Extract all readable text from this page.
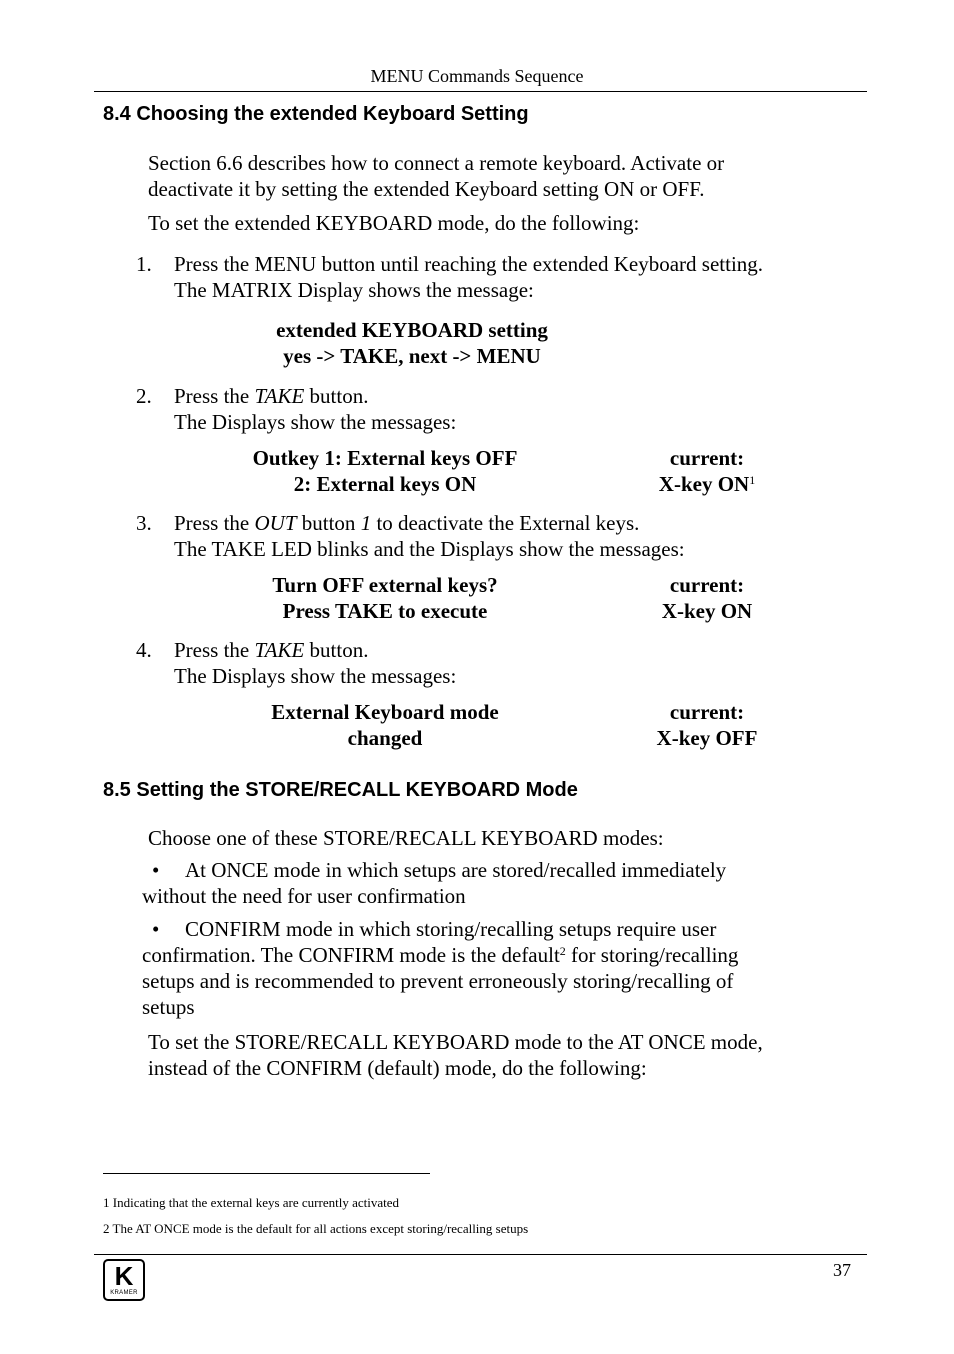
MENU Commands Sequence
8.4 Choosing the extended Keyboard Setting
Section 6.6 describes how to connect a remote keyboard. Activate or
deactivate it by setting the extended Keyboard setting ON or OFF.
To set the extended KEYBOARD mode, do the following:
1. Press the MENU button until reaching the extended Keyboard setting.
The MATRIX Display shows the message:
extended KEYBOARD setting
yes -> TAKE, next -> MENU
2. Press the TAKE button.
The Displays show the messages:
Outkey 1: External keys OFF
2: External keys ON
current:
X-key $ON^1$
3. Press the OUT button 1 to deactivate the External keys.
The TAKE LED blinks and the Displays show the messages:
Turn OFF external keys?
Press TAKE to execute
current:
X-key ON
4. Press the TAKE button.
The Displays show the messages:
External Keyboard mode
changed
current:
X-key OFF
8.5 Setting the STORE/RECALL KEYBOARD Mode
Choose one of these STORE/RECALL KEYBOARD modes:
• At ONCE mode in which setups are stored/recalled immediately
without the need for user confirmation
• CONFIRM mode in which storing/recalling setups require user
confirmation. The CONFIRM mode is the default$^2$ for storing/recalling
setups and is recommended to prevent erroneously storing/recalling of
setups
To set the STORE/RECALL KEYBOARD mode to the AT ONCE mode,
instead of the CONFIRM (default) mode, do the following:
1 Indicating that the external keys are currently activated
2 The AT ONCE mode is the default for all actions except storing/recalling setups
37
K
KRAMER
